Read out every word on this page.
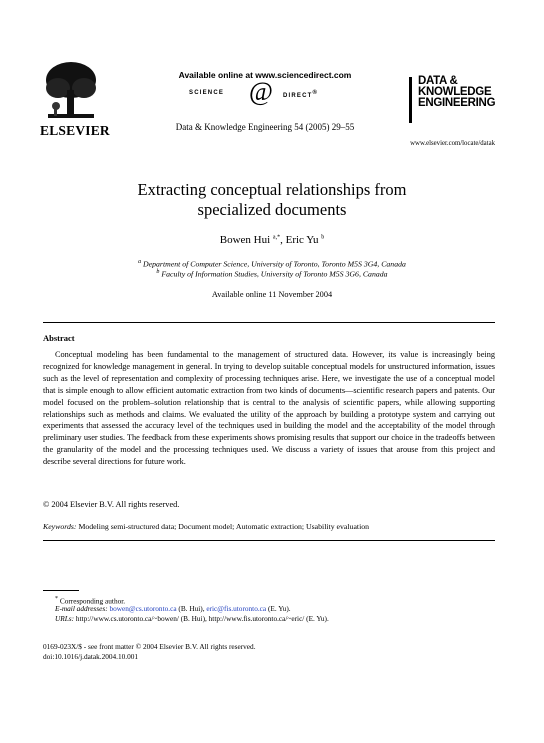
ELSEVIER
Available online at www.sciencedirect.com
SCIENCE @ DIRECT®
Data & Knowledge Engineering 54 (2005) 29–55
DATA &
KNOWLEDGE
ENGINEERING
www.elsevier.com/locate/datak
Extracting conceptual relationships from
specialized documents
Bowen Hui $^{a,*}$, Eric Yu $^b$
$^a$ Department of Computer Science, University of Toronto, Toronto M5S 3G4, Canada
$^b$ Faculty of Information Studies, University of Toronto M5S 3G6, Canada
Available online 11 November 2004
Abstract
Conceptual modeling has been fundamental to the management of structured data. However, its value is increasingly being recognized for knowledge management in general. In trying to develop suitable conceptual models for unstructured information, issues such as the level of representation and complexity of processing techniques arise. Here, we investigate the use of a conceptual model that is simple enough to allow efficient automatic extraction from two kinds of documents—scientific research papers and patents. Our model focused on the problem–solution relationship that is central to the analysis of scientific papers, while allowing supporting relationships such as methods and claims. We evaluated the utility of the approach by building a prototype system and carrying out experiments that assessed the accuracy level of the techniques used in building the model and the acceptability of the model through preliminary user studies. The feedback from these experiments shows promising results that support our choice in the tradeoffs between the granularity of the model and the processing techniques used. We discuss a variety of issues that arouse from this project and describe several directions for future work.
© 2004 Elsevier B.V. All rights reserved.
Keywords: Modeling semi-structured data; Document model; Automatic extraction; Usability evaluation
* Corresponding author.
E-mail addresses: bowen@cs.utoronto.ca (B. Hui), eric@fis.utoronto.ca (E. Yu).
URLs: http://www.cs.utoronto.ca/~bowen/ (B. Hui), http://www.fis.utoronto.ca/~eric/ (E. Yu).
0169-023X/$ - see front matter © 2004 Elsevier B.V. All rights reserved.
doi:10.1016/j.datak.2004.10.001
